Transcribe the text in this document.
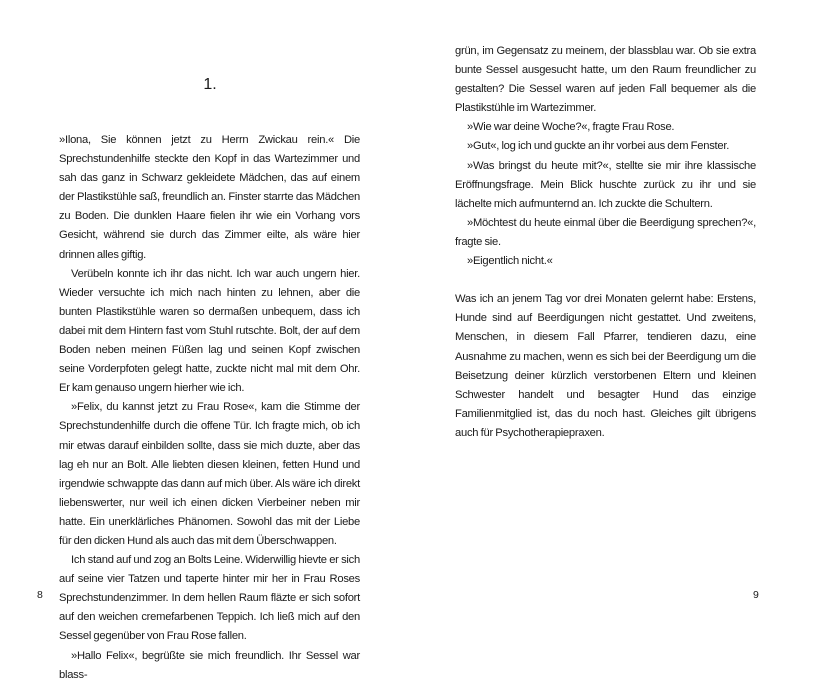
1.

»Ilona, Sie können jetzt zu Herrn Zwickau rein.« Die Sprechstundenhilfe steckte den Kopf in das Wartezimmer und sah das ganz in Schwarz gekleidete Mädchen, das auf einem der Plastikstühle saß, freundlich an. Finster starrte das Mädchen zu Boden. Die dunklen Haare fielen ihr wie ein Vorhang vors Gesicht, während sie durch das Zimmer eilte, als wäre hier drinnen alles giftig.

Verübeln konnte ich ihr das nicht. Ich war auch ungern hier. Wieder versuchte ich mich nach hinten zu lehnen, aber die bunten Plastikstühle waren so dermaßen unbequem, dass ich dabei mit dem Hintern fast vom Stuhl rutschte. Bolt, der auf dem Boden neben meinen Füßen lag und seinen Kopf zwischen seine Vorderpfoten gelegt hatte, zuckte nicht mal mit dem Ohr. Er kam genauso ungern hierher wie ich.

»Felix, du kannst jetzt zu Frau Rose«, kam die Stimme der Sprechstundenhilfe durch die offene Tür. Ich fragte mich, ob ich mir etwas darauf einbilden sollte, dass sie mich duzte, aber das lag eh nur an Bolt. Alle liebten diesen kleinen, fetten Hund und irgendwie schwappte das dann auf mich über. Als wäre ich direkt liebenswerter, nur weil ich einen dicken Vierbeiner neben mir hatte. Ein unerklärliches Phänomen. Sowohl das mit der Liebe für den dicken Hund als auch das mit dem Überschwappen.

Ich stand auf und zog an Bolts Leine. Widerwillig hievte er sich auf seine vier Tatzen und taperte hinter mir her in Frau Roses Sprechstundenzimmer. In dem hellen Raum fläzte er sich sofort auf den weichen cremefarbenen Teppich. Ich ließ mich auf den Sessel gegenüber von Frau Rose fallen.

»Hallo Felix«, begrüßte sie mich freundlich. Ihr Sessel war blass-

8

grün, im Gegensatz zu meinem, der blassblau war. Ob sie extra bunte Sessel ausgesucht hatte, um den Raum freundlicher zu gestalten? Die Sessel waren auf jeden Fall bequemer als die Plastikstühle im Wartezimmer.

»Wie war deine Woche?«, fragte Frau Rose.

»Gut«, log ich und guckte an ihr vorbei aus dem Fenster.

»Was bringst du heute mit?«, stellte sie mir ihre klassische Eröffnungsfrage. Mein Blick huschte zurück zu ihr und sie lächelte mich aufmunternd an. Ich zuckte die Schultern.

»Möchtest du heute einmal über die Beerdigung sprechen?«, fragte sie.

»Eigentlich nicht.«

Was ich an jenem Tag vor drei Monaten gelernt habe: Erstens, Hunde sind auf Beerdigungen nicht gestattet. Und zweitens, Menschen, in diesem Fall Pfarrer, tendieren dazu, eine Ausnahme zu machen, wenn es sich bei der Beerdigung um die Beisetzung deiner kürzlich verstorbenen Eltern und kleinen Schwester handelt und besagter Hund das einzige Familienmitglied ist, das du noch hast. Gleiches gilt übrigens auch für Psychotherapiepraxen.

9
